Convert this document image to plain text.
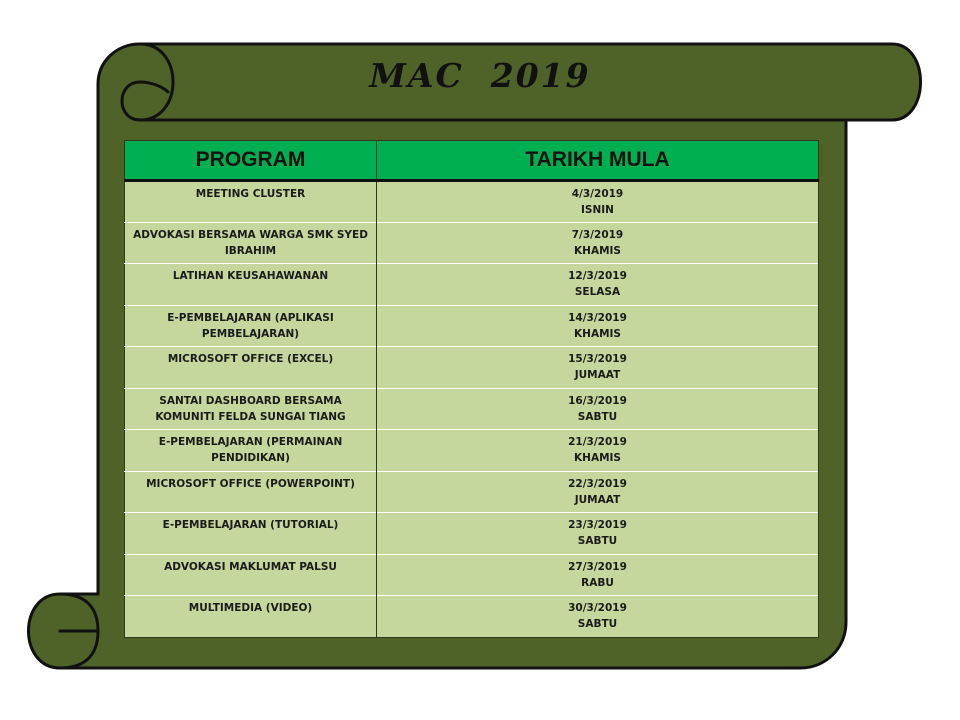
MAC  2019
PROGRAM	TARIKH MULA

MEETING CLUSTER	4/3/2019
ISNIN

ADVOKASI BERSAMA WARGA SMK SYED IBRAHIM	7/3/2019
KHAMIS

LATIHAN KEUSAHAWANAN	12/3/2019
SELASA

E-PEMBELAJARAN (APLIKASI PEMBELAJARAN)	14/3/2019
KHAMIS

MICROSOFT OFFICE (EXCEL)	15/3/2019
JUMAAT

SANTAI DASHBOARD BERSAMA KOMUNITI FELDA SUNGAI TIANG	16/3/2019
SABTU

E-PEMBELAJARAN (PERMAINAN PENDIDIKAN)	21/3/2019
KHAMIS

MICROSOFT OFFICE (POWERPOINT)	22/3/2019
JUMAAT

E-PEMBELAJARAN (TUTORIAL)	23/3/2019
SABTU

ADVOKASI MAKLUMAT PALSU	27/3/2019
RABU

MULTIMEDIA (VIDEO)	30/3/2019
SABTU
